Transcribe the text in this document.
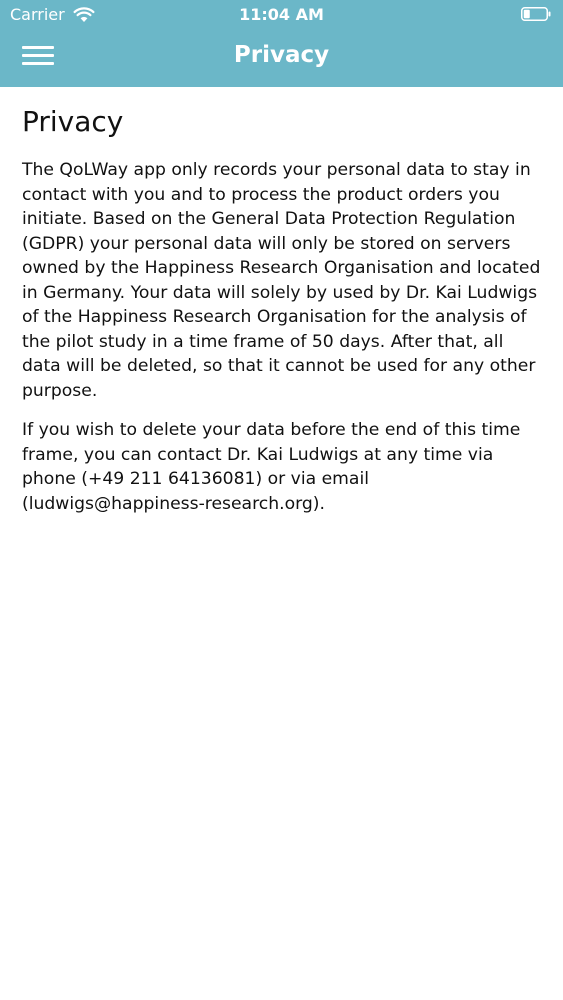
Carrier	11:04 AM
Privacy
Privacy

The QoLWay app only records your personal data to stay in contact with you and to process the product orders you initiate. Based on the General Data Protection Regulation (GDPR) your personal data will only be stored on servers owned by the Happiness Research Organisation and located in Germany. Your data will solely by used by Dr. Kai Ludwigs of the Happiness Research Organisation for the analysis of the pilot study in a time frame of 50 days. After that, all data will be deleted, so that it cannot be used for any other purpose.

If you wish to delete your data before the end of this time frame, you can contact Dr. Kai Ludwigs at any time via phone (+49 211 64136081) or via email (ludwigs@happiness-research.org).
